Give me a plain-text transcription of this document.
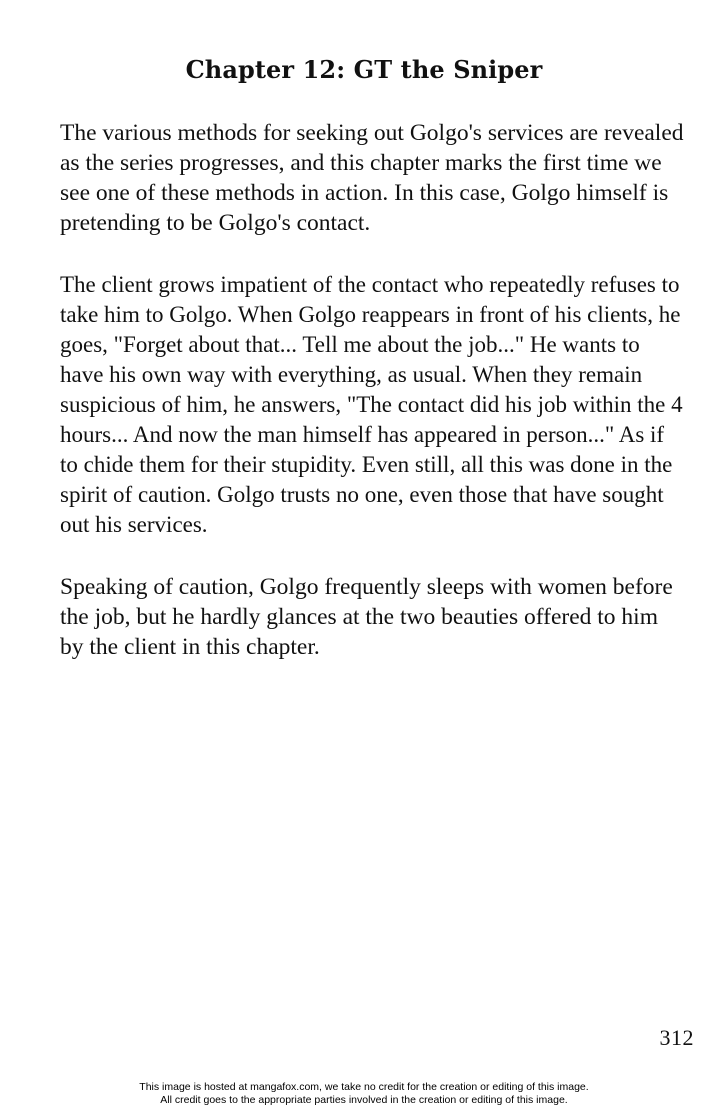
Chapter 12: GT the Sniper

The various methods for seeking out Golgo's services are revealed as the series progresses, and this chapter marks the first time we see one of these methods in action. In this case, Golgo himself is pretending to be Golgo's contact.

The client grows impatient of the contact who repeatedly refuses to take him to Golgo. When Golgo reappears in front of his clients, he goes, "Forget about that... Tell me about the job..." He wants to have his own way with everything, as usual. When they remain suspicious of him, he answers, "The contact did his job within the 4 hours... And now the man himself has appeared in person..." As if to chide them for their stupidity. Even still, all this was done in the spirit of caution. Golgo trusts no one, even those that have sought out his services.

Speaking of caution, Golgo frequently sleeps with women before the job, but he hardly glances at the two beauties offered to him by the client in this chapter.

312
This image is hosted at mangafox.com, we take no credit for the creation or editing of this image.
All credit goes to the appropriate parties involved in the creation or editing of this image.
